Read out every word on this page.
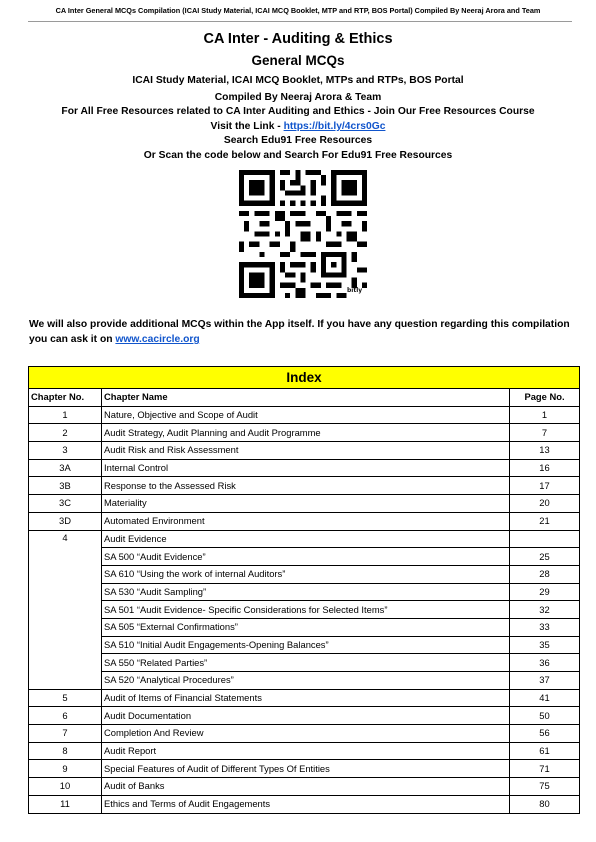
CA Inter General MCQs Compilation (ICAI Study Material, ICAI MCQ Booklet, MTP and RTP, BOS Portal) Compiled By Neeraj Arora and Team
CA Inter - Auditing & Ethics
General MCQs
ICAI Study Material, ICAI MCQ Booklet, MTPs and RTPs, BOS Portal
Compiled By Neeraj Arora & Team
For All Free Resources related to CA Inter Auditing and Ethics - Join Our Free Resources Course
Visit the Link - https://bit.ly/4crs0Gc
Search Edu91 Free Resources
Or Scan the code below and Search For Edu91 Free Resources
bitly
We will also provide additional MCQs within the App itself. If you have any question regarding this compilation you can ask it on www.cacircle.org
Index		
Chapter No.	Chapter Name	Page No.
1	Nature, Objective and Scope of Audit	1
2	Audit Strategy, Audit Planning and Audit Programme	7
3	Audit Risk and Risk Assessment	13
3A	Internal Control	16
3B	Response to the Assessed Risk	17
3C	Materiality	20
3D	Automated Environment	21
4	Audit Evidence	
	SA 500 “Audit Evidence”	25
	SA 610 “Using the work of internal Auditors”	28
	SA 530 “Audit Sampling”	29
	SA 501 “Audit Evidence- Specific Considerations for Selected Items”	32
	SA 505 “External Confirmations”	33
	SA 510 “Initial Audit Engagements-Opening Balances”	35
	SA 550 “Related Parties”	36
	SA 520 “Analytical Procedures”	37
5	Audit of Items of Financial Statements	41
6	Audit Documentation	50
7	Completion And Review	56
8	Audit Report	61
9	Special Features of Audit of Different Types Of Entities	71
10	Audit of Banks	75
11	Ethics and Terms of Audit Engagements	80
